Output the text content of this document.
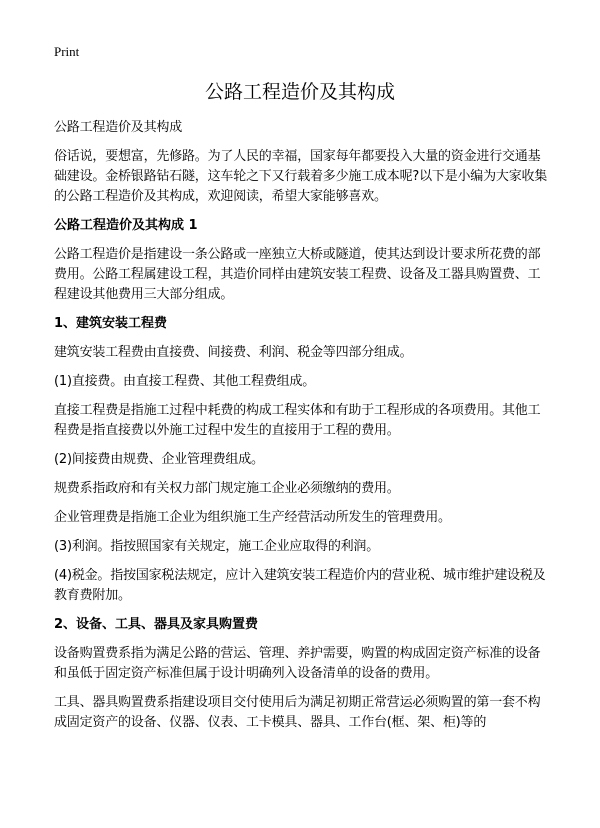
Print
公路工程造价及其构成

公路工程造价及其构成

俗话说，要想富，先修路。为了人民的幸福，国家每年都要投入大量的资金进行交通基础建设。金桥银路钻石隧，这车轮之下又行载着多少施工成本呢?以下是小编为大家收集的公路工程造价及其构成，欢迎阅读，希望大家能够喜欢。

公路工程造价及其构成 1

公路工程造价是指建设一条公路或一座独立大桥或隧道，使其达到设计要求所花费的部费用。公路工程属建设工程，其造价同样由建筑安装工程费、设备及工器具购置费、工程建设其他费用三大部分组成。

1、建筑安装工程费

建筑安装工程费由直接费、间接费、利润、税金等四部分组成。

(1)直接费。由直接工程费、其他工程费组成。

直接工程费是指施工过程中耗费的构成工程实体和有助于工程形成的各项费用。其他工程费是指直接费以外施工过程中发生的直接用于工程的费用。

(2)间接费由规费、企业管理费组成。

规费系指政府和有关权力部门规定施工企业必须缴纳的费用。

企业管理费是指施工企业为组织施工生产经营活动所发生的管理费用。

(3)利润。指按照国家有关规定，施工企业应取得的利润。

(4)税金。指按国家税法规定，应计入建筑安装工程造价内的营业税、城市维护建设税及教育费附加。

2、设备、工具、器具及家具购置费

设备购置费系指为满足公路的营运、管理、养护需要，购置的构成固定资产标准的设备和虽低于固定资产标准但属于设计明确列入设备清单的设备的费用。

工具、器具购置费系指建设项目交付使用后为满足初期正常营运必须购置的第一套不构成固定资产的设备、仪器、仪表、工卡模具、器具、工作台(框、架、柜)等的
